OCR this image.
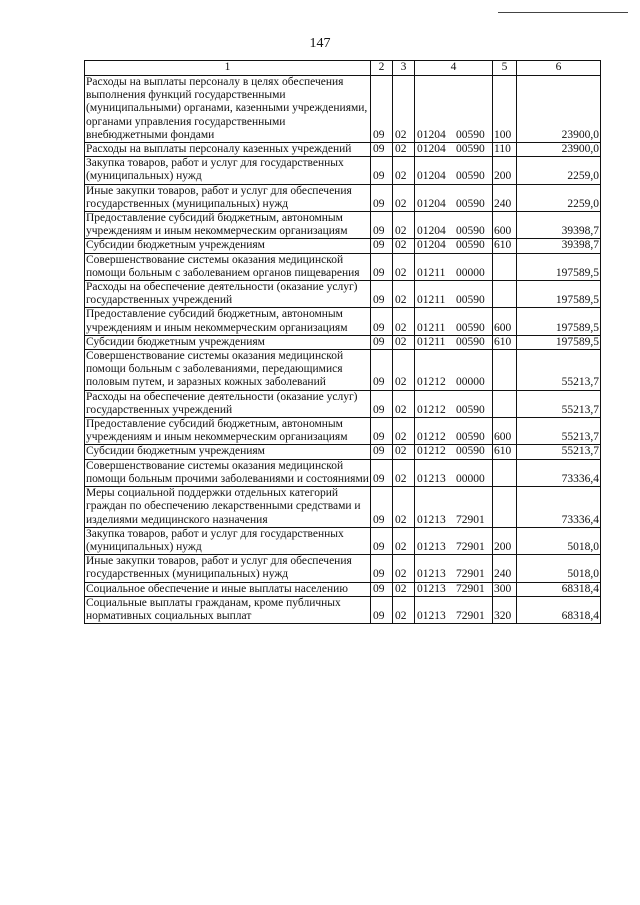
147
1	2	3	4	5	6
Расходы на выплаты персоналу в целях обеспечения выполнения функций государственными (муниципальными) органами, казенными учреждениями, органами управления государственными внебюджетными фондами	09	02	01204 00590	100	23900,0
Расходы на выплаты персоналу казенных учреждений	09	02	01204 00590	110	23900,0
Закупка товаров, работ и услуг для государственных (муниципальных) нужд	09	02	01204 00590	200	2259,0
Иные закупки товаров, работ и услуг для обеспечения государственных (муниципальных) нужд	09	02	01204 00590	240	2259,0
Предоставление субсидий бюджетным, автономным учреждениям и иным некоммерческим организациям	09	02	01204 00590	600	39398,7
Субсидии бюджетным учреждениям	09	02	01204 00590	610	39398,7
Совершенствование системы оказания медицинской помощи больным с заболеванием органов пищеварения	09	02	01211 00000		197589,5
Расходы на обеспечение деятельности (оказание услуг) государственных учреждений	09	02	01211 00590		197589,5
Предоставление субсидий бюджетным, автономным учреждениям и иным некоммерческим организациям	09	02	01211 00590	600	197589,5
Субсидии бюджетным учреждениям	09	02	01211 00590	610	197589,5
Совершенствование системы оказания медицинской помощи больным с заболеваниями, передающимися половым путем, и заразных кожных заболеваний	09	02	01212 00000		55213,7
Расходы на обеспечение деятельности (оказание услуг) государственных учреждений	09	02	01212 00590		55213,7
Предоставление субсидий бюджетным, автономным учреждениям и иным некоммерческим организациям	09	02	01212 00590	600	55213,7
Субсидии бюджетным учреждениям	09	02	01212 00590	610	55213,7
Совершенствование системы оказания медицинской помощи больным прочими заболеваниями и состояниями	09	02	01213 00000		73336,4
Меры социальной поддержки отдельных категорий граждан по обеспечению лекарственными средствами и изделиями медицинского назначения	09	02	01213 72901		73336,4
Закупка товаров, работ и услуг для государственных (муниципальных) нужд	09	02	01213 72901	200	5018,0
Иные закупки товаров, работ и услуг для обеспечения государственных (муниципальных) нужд	09	02	01213 72901	240	5018,0
Социальное обеспечение и иные выплаты населению	09	02	01213 72901	300	68318,4
Социальные выплаты гражданам, кроме публичных нормативных социальных выплат	09	02	01213 72901	320	68318,4
